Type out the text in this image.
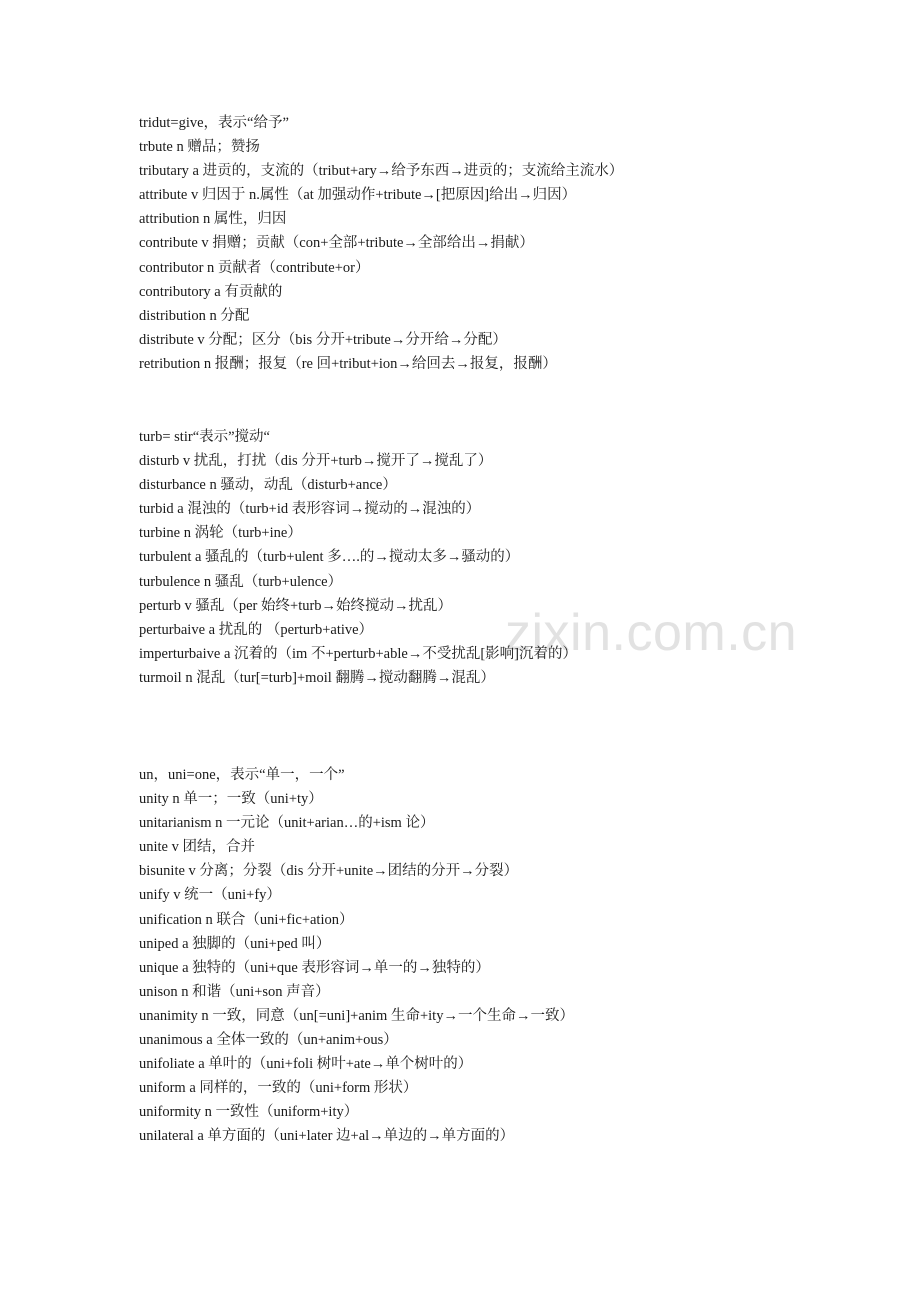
zixin.com.cn
tridut=give，表示“给予”
trbute n 赠品；赞扬
tributary a 进贡的，支流的（tribut+ary→给予东西→进贡的；支流给主流水）
attribute v 归因于 n.属性（at 加强动作+tribute→[把原因]给出→归因）
attribution n 属性，归因
contribute v 捐赠；贡献（con+全部+tribute→全部给出→捐献）
contributor n 贡献者（contribute+or）
contributory a 有贡献的
distribution n 分配
distribute v 分配；区分（bis 分开+tribute→分开给→分配）
retribution n 报酬；报复（re 回+tribut+ion→给回去→报复，报酬）
turb= stir“表示”搅动“
disturb v 扰乱，打扰（dis 分开+turb→搅开了→搅乱了）
disturbance n 骚动，动乱（disturb+ance）
turbid a 混浊的（turb+id 表形容词→搅动的→混浊的）
turbine n 涡轮（turb+ine）
turbulent a 骚乱的（turb+ulent 多….的→搅动太多→骚动的）
turbulence n 骚乱（turb+ulence）
perturb v 骚乱（per 始终+turb→始终搅动→扰乱）
perturbaive a 扰乱的 （perturb+ative）
imperturbaive a 沉着的（im 不+perturb+able→不受扰乱[影响]沉着的）
turmoil n 混乱（tur[=turb]+moil 翻腾→搅动翻腾→混乱）
un，uni=one，表示“单一，一个”
unity n 单一；一致（uni+ty）
unitarianism n 一元论（unit+arian…的+ism 论）
unite v 团结，合并
bisunite v 分离；分裂（dis 分开+unite→团结的分开→分裂）
unify v 统一（uni+fy）
unification n 联合（uni+fic+ation）
uniped a 独脚的（uni+ped 叫）
unique a 独特的（uni+que 表形容词→单一的→独特的）
unison n 和谐（uni+son 声音）
unanimity n 一致，同意（un[=uni]+anim 生命+ity→一个生命→一致）
unanimous a 全体一致的（un+anim+ous）
unifoliate a 单叶的（uni+foli 树叶+ate→单个树叶的）
uniform a 同样的，一致的（uni+form 形状）
uniformity n 一致性（uniform+ity）
unilateral a 单方面的（uni+later 边+al→单边的→单方面的）
